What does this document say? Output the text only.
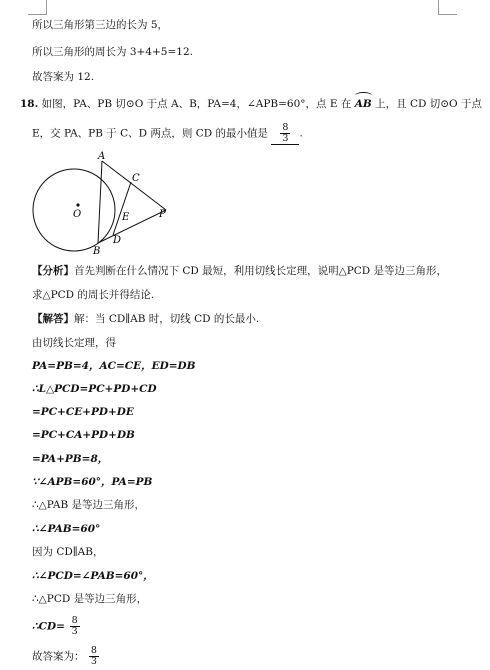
所以三角形第三边的长为 5，
所以三角形的周长为 3+4+5=12.
故答案为 12.
18. 如图，PA、PB 切⊙O 于点 A、B，PA=4，∠APB=60°，点 E 在 AB 上，且 CD 切⊙O 于点
E，交 PA、PB 于 C、D 两点，则 CD 的最小值是 $\frac{8}{3}$ .
O
A
B
C
D
E	P
【分析】首先判断在什么情况下 CD 最短，利用切线长定理，说明△PCD 是等边三角形，
求△PCD 的周长并得结论.
【解答】解：当 CD∥AB 时，切线 CD 的长最小.
由切线长定理，得
PA=PB=4，AC=CE，ED=DB
∴L△PCD=PC+PD+CD
=PC+CE+PD+DE
=PC+CA+PD+DB
=PA+PB=8，
∵∠APB=60°，PA=PB
∴△PAB 是等边三角形，
∴∠PAB=60°
因为 CD∥AB，
∴∠PCD=∠PAB=60°，
∴△PCD 是等边三角形，
∴CD= $\frac{8}{3}$
故答案为： $\frac{8}{3}$
